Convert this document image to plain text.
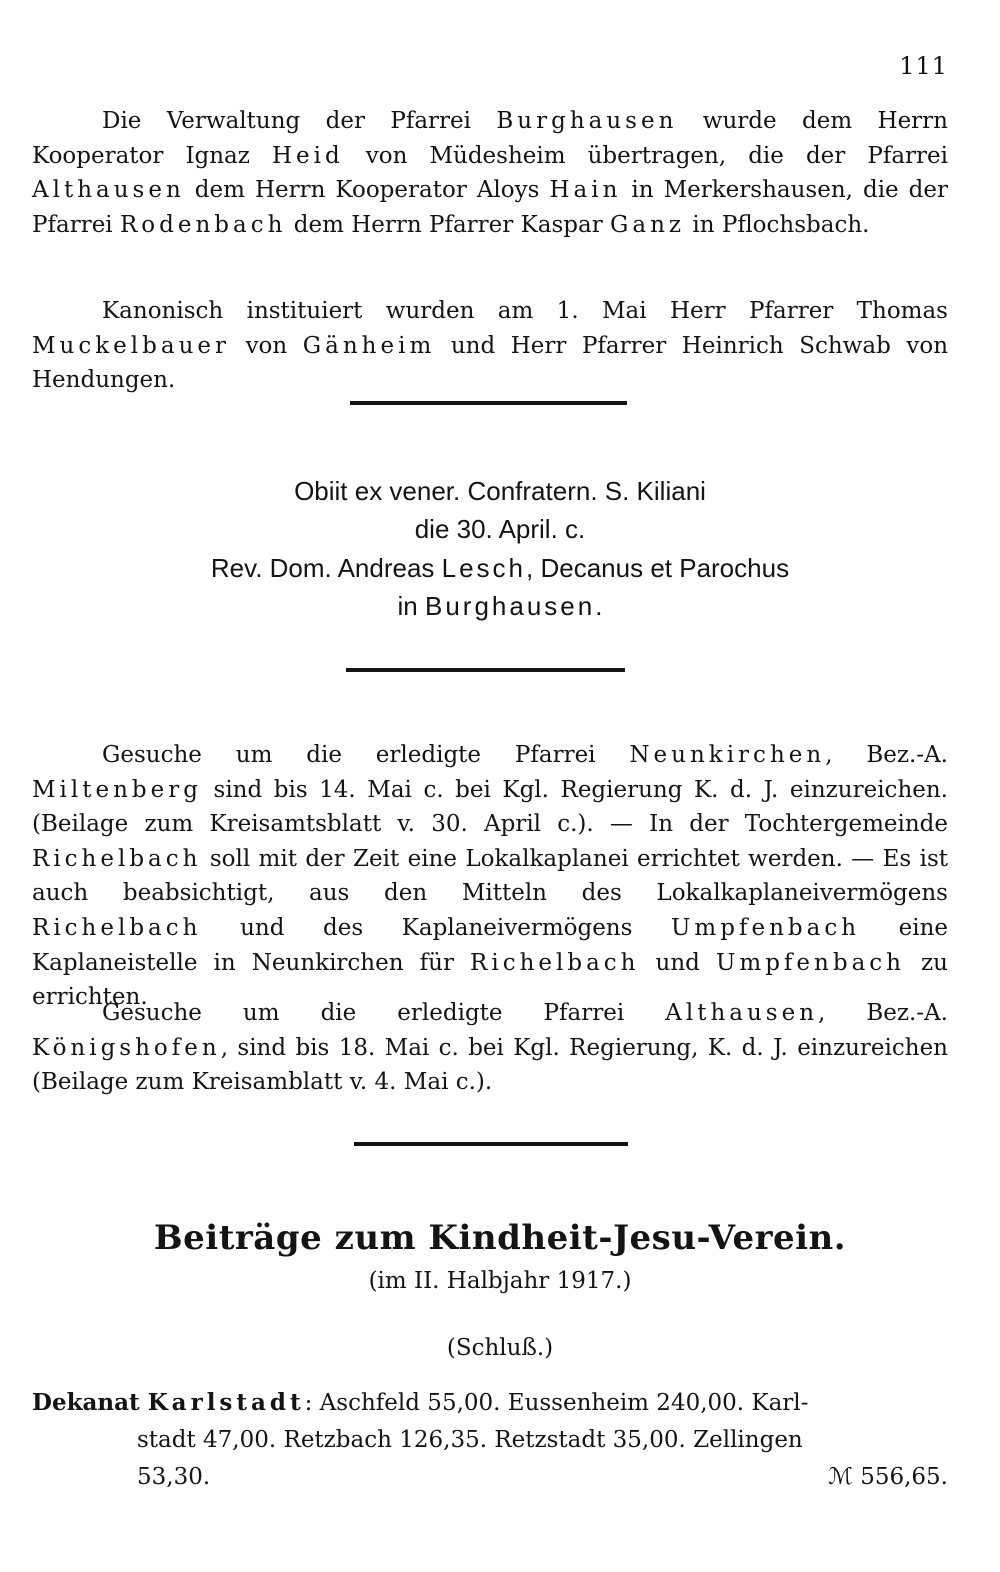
111

Die Verwaltung der Pfarrei Burghausen wurde dem Herrn Kooperator Ignaz Heid von Müdesheim übertragen, die der Pfarrei Althausen dem Herrn Kooperator Aloys Hain in Merkershausen, die der Pfarrei Rodenbach dem Herrn Pfarrer Kaspar Ganz in Pflochsbach.

Kanonisch instituiert wurden am 1. Mai Herr Pfarrer Thomas Muckelbauer von Gänheim und Herr Pfarrer Heinrich Schwab von Hendungen.

Obiit ex vener. Confratern. S. Kiliani

die 30. April. c.

Rev. Dom. Andreas Lesch, Decanus et Parochus

in Burghausen.

Gesuche um die erledigte Pfarrei Neunkirchen, Bez.-A. Miltenberg sind bis 14. Mai c. bei Kgl. Regierung K. d. J. einzureichen. (Beilage zum Kreisamtsblatt v. 30. April c.). — In der Tochtergemeinde Richelbach soll mit der Zeit eine Lokalkaplanei errichtet werden. — Es ist auch beabsichtigt, aus den Mitteln des Lokalkaplaneivermögens Richelbach und des Kaplaneivermögens Umpfenbach eine Kaplaneistelle in Neunkirchen für Richelbach und Umpfenbach zu errichten.

Gesuche um die erledigte Pfarrei Althausen, Bez.-A. Königshofen, sind bis 18. Mai c. bei Kgl. Regierung, K. d. J. einzureichen (Beilage zum Kreisamblatt v. 4. Mai c.).

Beiträge zum Kindheit-Jesu-Verein.

(im II. Halbjahr 1917.)

(Schluß.)

Dekanat Karlstadt: Aschfeld 55,00. Eussenheim 240,00. Karl-
stadt 47,00. Retzbach 126,35. Retzstadt 35,00. Zellingen
53,30.	ℳ 556,65.
